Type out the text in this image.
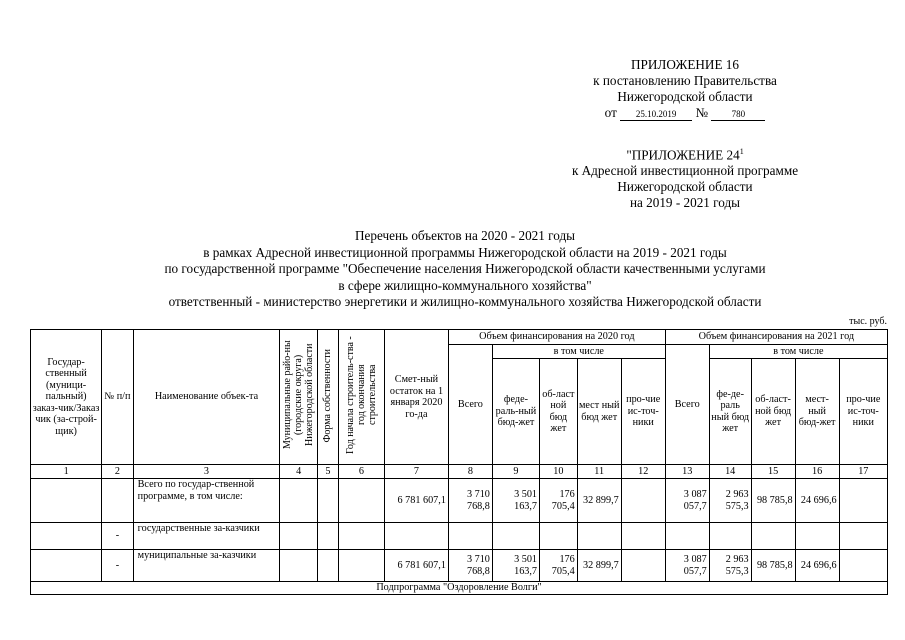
ПРИЛОЖЕНИЕ 16
к постановлению Правительства
Нижегородской области
от 25.10.2019 №	780
"ПРИЛОЖЕНИЕ $24^1$
к Адресной инвестиционной программе
Нижегородской области
на 2019 - 2021 годы
Перечень объектов на 2020 - 2021 годы
в рамках Адресной инвестиционной программы Нижегородской области на 2019 - 2021 годы
по государственной программе "Обеспечение населения Нижегородской области качественными услугами
в сфере жилищно-коммунального хозяйства"
ответственный - министерство энергетики и жилищно-коммунального хозяйства Нижегородской области
тыс. руб.
Государ-ственный (муници-пальный) заказ-чик/Заказ чик (за-строй-щик)	№ п/п	Наименование объек-та	Муниципальные райо-ны (городские округа) Нижегородской области	Форма собственности	Год начала строитель-ства - год окончания строительства	Смет-ный остаток на 1 января 2020 го-да	Объем финансирования на 2020 год					Объем финансирования на 2021 год				
							Всего	в том числе				Всего	в том числе			
								феде-раль-ный бюд-жет	об-ласт ной бюд жет	мест ный бюд жет	про-чие ис-точ-ники		фе-де-раль ный бюд жет	об-ласт-ной бюд жет	мест-ный бюд-жет	про-чие ис-точ-ники
1	2	3	4	5	6	7	8	9	10	11	12	13	14	15	16	17
		Всего по государ-ственной программе, в том числе:				6 781 607,1	3 710 768,8	3 501 163,7	176 705,4	32 899,7		3 087 057,7	2 963 575,3	98 785,8	24 696,6	
	-	государственные за-казчики														
	-	муниципальные за-казчики				6 781 607,1	3 710 768,8	3 501 163,7	176 705,4	32 899,7		3 087 057,7	2 963 575,3	98 785,8	24 696,6	
Подпрограмма "Оздоровление Волги"																
